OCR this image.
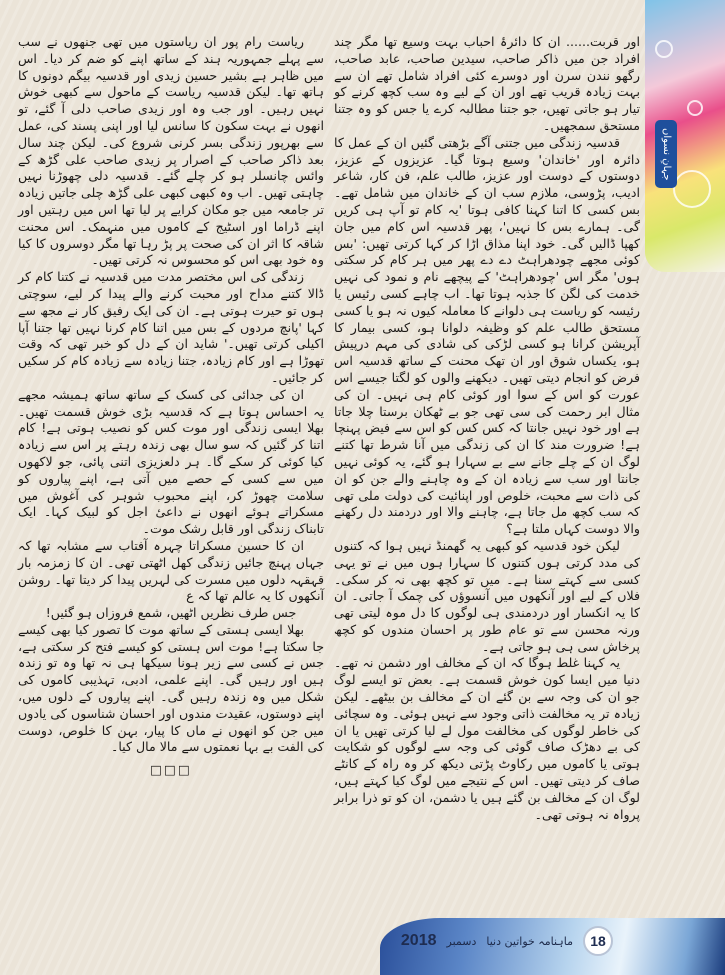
جہانِ نسواں

اور قربت...... ان کا دائرۂ احباب بہت وسیع تھا مگر چند افراد جن میں ذاکر صاحب، سیدین صاحب، عابد صاحب، رگھو نندن سرن اور دوسرے کئی افراد شامل تھے ان سے بہت زیادہ قریب تھے اور ان کے لیے وہ سب کچھ کرنے کو تیار ہو جاتی تھیں، جو جتنا مطالبہ کرے یا جس کو وہ جتنا مستحق سمجھیں۔

قدسیہ زندگی میں جتنی آگے بڑھتی گئیں ان کے عمل کا دائرہ اور 'خاندان' وسیع ہوتا گیا۔ عزیزوں کے عزیز، دوستوں کے دوست اور عزیز، طالب علم، فن کار، شاعر ادیب، پڑوسی، ملازم سب ان کے خاندان میں شامل تھے۔ بس کسی کا اتنا کہنا کافی ہوتا 'یہ کام تو آپ ہی کریں گی۔ ہمارے بس کا نہیں'، پھر قدسیہ اس کام میں جان کھپا ڈالیں گی۔ خود اپنا مذاق اڑا کر کہا کرتی تھیں: 'بس کوئی مجھے چودھراہٹ دے دے پھر میں ہر کام کر سکتی ہوں' مگر اس 'چودھراہٹ' کے پیچھے نام و نمود کی نہیں خدمت کی لگن کا جذبہ ہوتا تھا۔ اب چاہے کسی رئیس یا رئیسہ کو ریاست ہی دلوانے کا معاملہ کیوں نہ ہو یا کسی مستحق طالب علم کو وظیفہ دلوانا ہو، کسی بیمار کا آپریشن کرانا ہو کسی لڑکی کی شادی کی مہم درپیش ہو، یکساں شوق اور ان تھک محنت کے ساتھ قدسیہ اس فرض کو انجام دیتی تھیں۔ دیکھنے والوں کو لگتا جیسے اس عورت کو اس کے سوا اور کوئی کام ہی نہیں۔ ان کی مثال ابر رحمت کی سی تھی جو بے ٹھکان برستا چلا جاتا ہے اور خود نہیں جانتا کہ کس کس کو اس سے فیض پہنچا ہے! ضرورت مند کا ان کی زندگی میں آنا شرط تھا کتنے لوگ ان کے چلے جانے سے بے سہارا ہو گئے، یہ کوئی نہیں جانتا اور سب سے زیادہ ان کے وہ چاہنے والے جن کو ان کی ذات سے محبت، خلوص اور اپنائیت کی دولت ملی تھی کہ سب کچھ مل جاتا ہے، چاہنے والا اور دردمند دل رکھنے والا دوست کہاں ملتا ہے؟

لیکن خود قدسیہ کو کبھی یہ گھمنڈ نہیں ہوا کہ کتنوں کی مدد کرتی ہوں کتنوں کا سہارا ہوں میں نے تو یہی کسی سے کہتے سنا ہے۔ میں تو کچھ بھی نہ کر سکی۔ فلاں کے لیے اور آنکھوں میں آنسوؤں کی چمک آ جاتی۔ ان کا یہ انکسار اور دردمندی ہی لوگوں کا دل موہ لیتی تھی ورنہ محسن سے تو عام طور پر احسان مندوں کو کچھ پرخاش سی ہی ہو جاتی ہے۔

یہ کہنا غلط ہوگا کہ ان کے مخالف اور دشمن نہ تھے۔ دنیا میں ایسا کون خوش قسمت ہے۔ بعض تو ایسے لوگ جو ان کی وجہ سے بن گئے ان کے مخالف بن بیٹھے۔ لیکن زیادہ تر یہ مخالفت ذاتی وجود سے نہیں ہوئی۔ وہ سچائی کی خاطر لوگوں کی مخالفت مول لے لیا کرتی تھیں یا ان کی بے دھڑک صاف گوئی کی وجہ سے لوگوں کو شکایت ہوتی یا کاموں میں رکاوٹ پڑتی دیکھ کر وہ راہ کے کانٹے صاف کر دیتی تھیں۔ اس کے نتیجے میں لوگ کیا کہتے ہیں، لوگ ان کے مخالف بن گئے ہیں یا دشمن، ان کو تو ذرا برابر پرواہ نہ ہوتی تھی۔

ریاست رام پور ان ریاستوں میں تھی جنھوں نے سب سے پہلے جمہوریہ ہند کے ساتھ اپنے کو ضم کر دیا۔ اس میں ظاہر ہے بشیر حسین زیدی اور قدسیہ بیگم دونوں کا ہاتھ تھا۔ لیکن قدسیہ ریاست کے ماحول سے کبھی خوش نہیں رہیں۔ اور جب وہ اور زیدی صاحب دلی آ گئے، تو انھوں نے بہت سکون کا سانس لیا اور اپنی پسند کی، عمل سے بھرپور زندگی بسر کرنی شروع کی۔ لیکن چند سال بعد ذاکر صاحب کے اصرار پر زیدی صاحب علی گڑھ کے وائس چانسلر ہو کر چلے گئے۔ قدسیہ دلی چھوڑنا نہیں چاہتی تھیں۔ اب وہ کبھی کبھی علی گڑھ چلی جاتیں زیادہ تر جامعہ میں جو مکان کرایے پر لیا تھا اس میں رہتیں اور اپنے ڈراما اور اسٹیج کے کاموں میں منہمک۔ اس محنت شاقہ کا اثر ان کی صحت پر پڑ رہا تھا مگر دوسروں کا کیا وہ خود بھی اس کو محسوس نہ کرتی تھیں۔

زندگی کی اس مختصر مدت میں قدسیہ نے کتنا کام کر ڈالا کتنے مداح اور محبت کرنے والے پیدا کر لیے، سوچتی ہوں تو حیرت ہوتی ہے۔ ان کی ایک رفیق کار نے مجھ سے کہا 'پانچ مردوں کے بس میں اتنا کام کرنا نہیں تھا جتنا آپا اکیلی کرتی تھیں۔' شاید ان کے دل کو خبر تھی کہ وقت تھوڑا ہے اور کام زیادہ، جتنا زیادہ سے زیادہ کام کر سکیں کر جائیں۔

ان کی جدائی کی کسک کے ساتھ ساتھ ہمیشہ مجھے یہ احساس ہوتا ہے کہ قدسیہ بڑی خوش قسمت تھیں۔ بھلا ایسی زندگی اور موت کس کو نصیب ہوتی ہے! کام اتنا کر گئیں کہ سو سال بھی زندہ رہتے پر اس سے زیادہ کیا کوئی کر سکے گا۔ ہر دلعزیزی اتنی پائی، جو لاکھوں میں سے کسی کے حصے میں آتی ہے، اپنے پیاروں کو سلامت چھوڑ کر، اپنے محبوب شوہر کی آغوش میں مسکراتے ہوئے انھوں نے داعیٔ اجل کو لبیک کہا۔ ایک تابناک زندگی اور قابل رشک موت۔

ان کا حسین مسکراتا چہرہ آفتاب سے مشابہ تھا کہ جہاں پہنچ جائیں زندگی کھل اٹھتی تھی۔ ان کا زمزمہ بار قہقہہ دلوں میں مسرت کی لہریں پیدا کر دیتا تھا۔ روشن آنکھوں کا یہ عالم تھا کہ ع

جس طرف نظریں اٹھیں، شمع فروزاں ہو گئیں!

بھلا ایسی ہستی کے ساتھ موت کا تصور کیا بھی کیسے جا سکتا ہے! موت اس ہستی کو کیسے فتح کر سکتی ہے، جس نے کسی سے زیر ہونا سیکھا ہی نہ تھا وہ تو زندہ ہیں اور رہیں گی۔ اپنے علمی، ادبی، تہذیبی کاموں کی شکل میں وہ زندہ رہیں گی۔ اپنے پیاروں کے دلوں میں، اپنے دوستوں، عقیدت مندوں اور احسان شناسوں کی یادوں میں جن کو انھوں نے ماں کا پیار، بہن کا خلوص، دوست کی الفت بے بہا نعمتوں سے مالا مال کیا۔

□□□

ماہنامہ خواتین دنیا
دسمبر
2018	18
